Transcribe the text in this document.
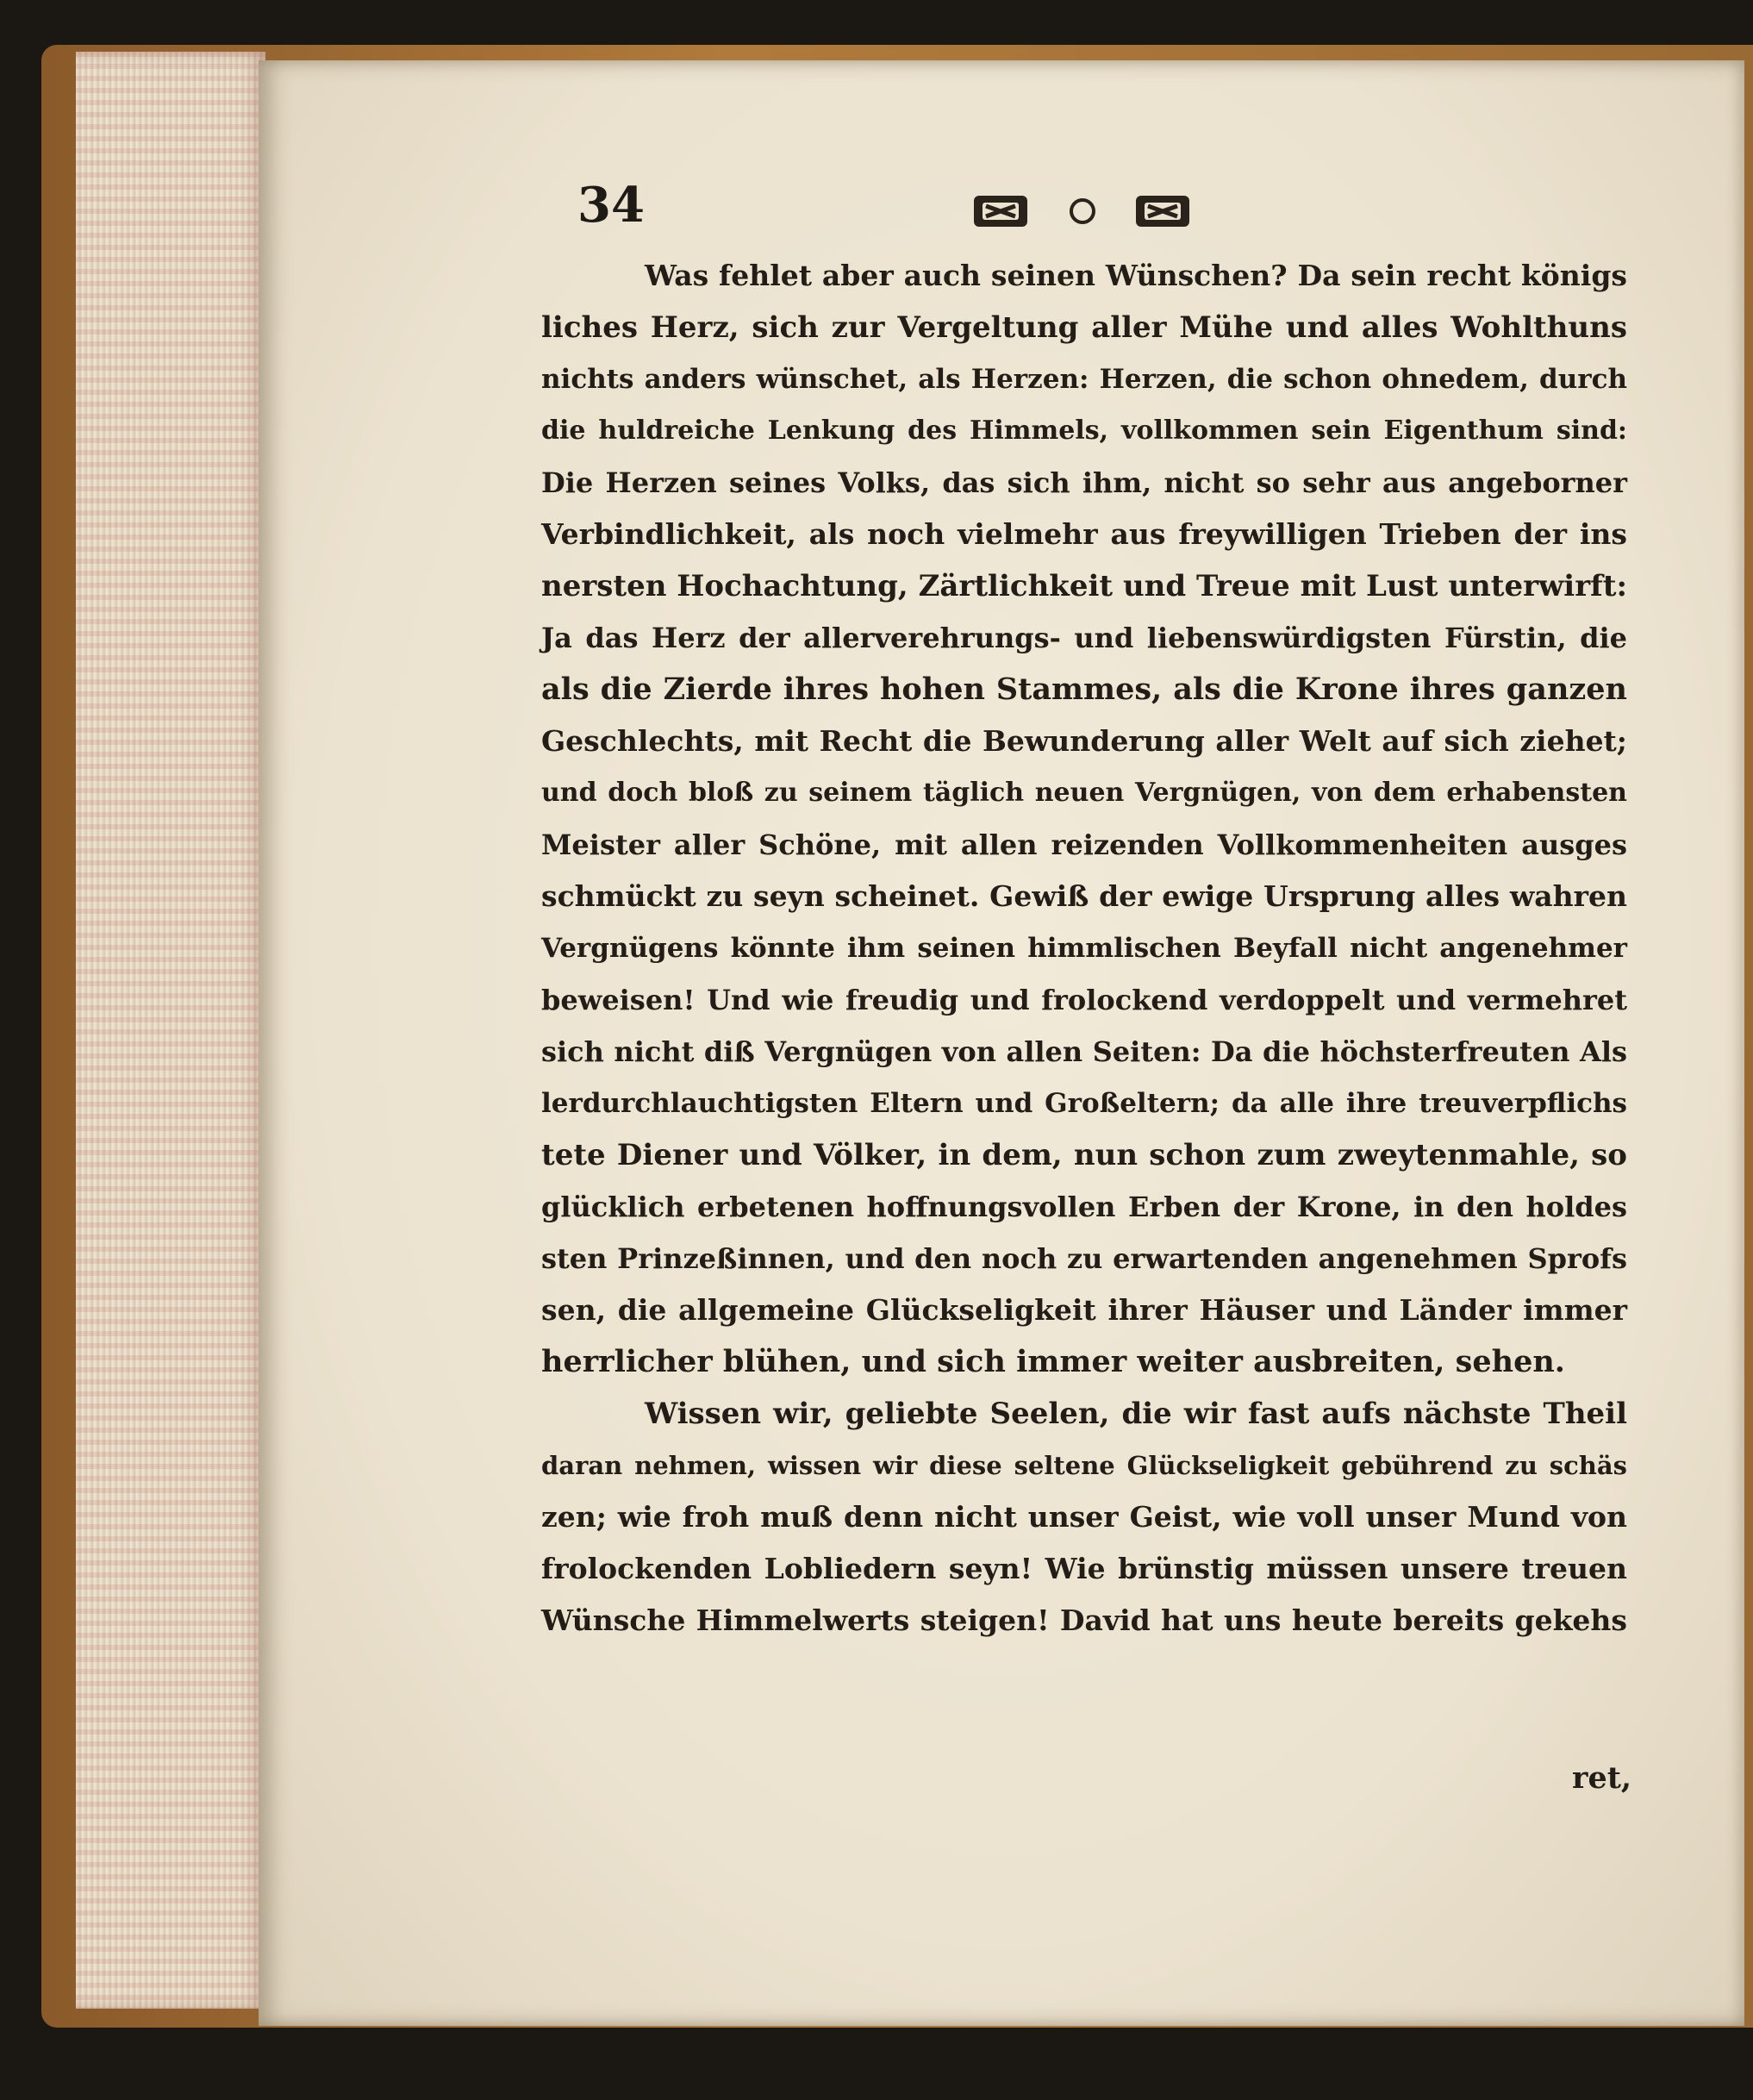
34
Was fehlet aber auch seinen Wünschen? Da sein recht königs
liches Herz, sich zur Vergeltung aller Mühe und alles Wohlthuns
nichts anders wünschet, als Herzen: Herzen, die schon ohnedem, durch
die huldreiche Lenkung des Himmels, vollkommen sein Eigenthum sind:
Die Herzen seines Volks, das sich ihm, nicht so sehr aus angeborner
Verbindlichkeit, als noch vielmehr aus freywilligen Trieben der ins
nersten Hochachtung, Zärtlichkeit und Treue mit Lust unterwirft:
Ja das Herz der allerverehrungs- und liebenswürdigsten Fürstin, die
als die Zierde ihres hohen Stammes, als die Krone ihres ganzen
Geschlechts, mit Recht die Bewunderung aller Welt auf sich ziehet;
und doch bloß zu seinem täglich neuen Vergnügen, von dem erhabensten
Meister aller Schöne, mit allen reizenden Vollkommenheiten ausges
schmückt zu seyn scheinet. Gewiß der ewige Ursprung alles wahren
Vergnügens könnte ihm seinen himmlischen Beyfall nicht angenehmer
beweisen! Und wie freudig und frolockend verdoppelt und vermehret
sich nicht diß Vergnügen von allen Seiten: Da die höchsterfreuten Als
lerdurchlauchtigsten Eltern und Großeltern; da alle ihre treuverpflichs
tete Diener und Völker, in dem, nun schon zum zweytenmahle, so
glücklich erbetenen hoffnungsvollen Erben der Krone, in den holdes
sten Prinzeßinnen, und den noch zu erwartenden angenehmen Sprofs
sen, die allgemeine Glückseligkeit ihrer Häuser und Länder immer
herrlicher blühen, und sich immer weiter ausbreiten, sehen.
Wissen wir, geliebte Seelen, die wir fast aufs nächste Theil
daran nehmen, wissen wir diese seltene Glückseligkeit gebührend zu schäs
zen; wie froh muß denn nicht unser Geist, wie voll unser Mund von
frolockenden Lobliedern seyn! Wie brünstig müssen unsere treuen
Wünsche Himmelwerts steigen! David hat uns heute bereits gekehs
ret,
